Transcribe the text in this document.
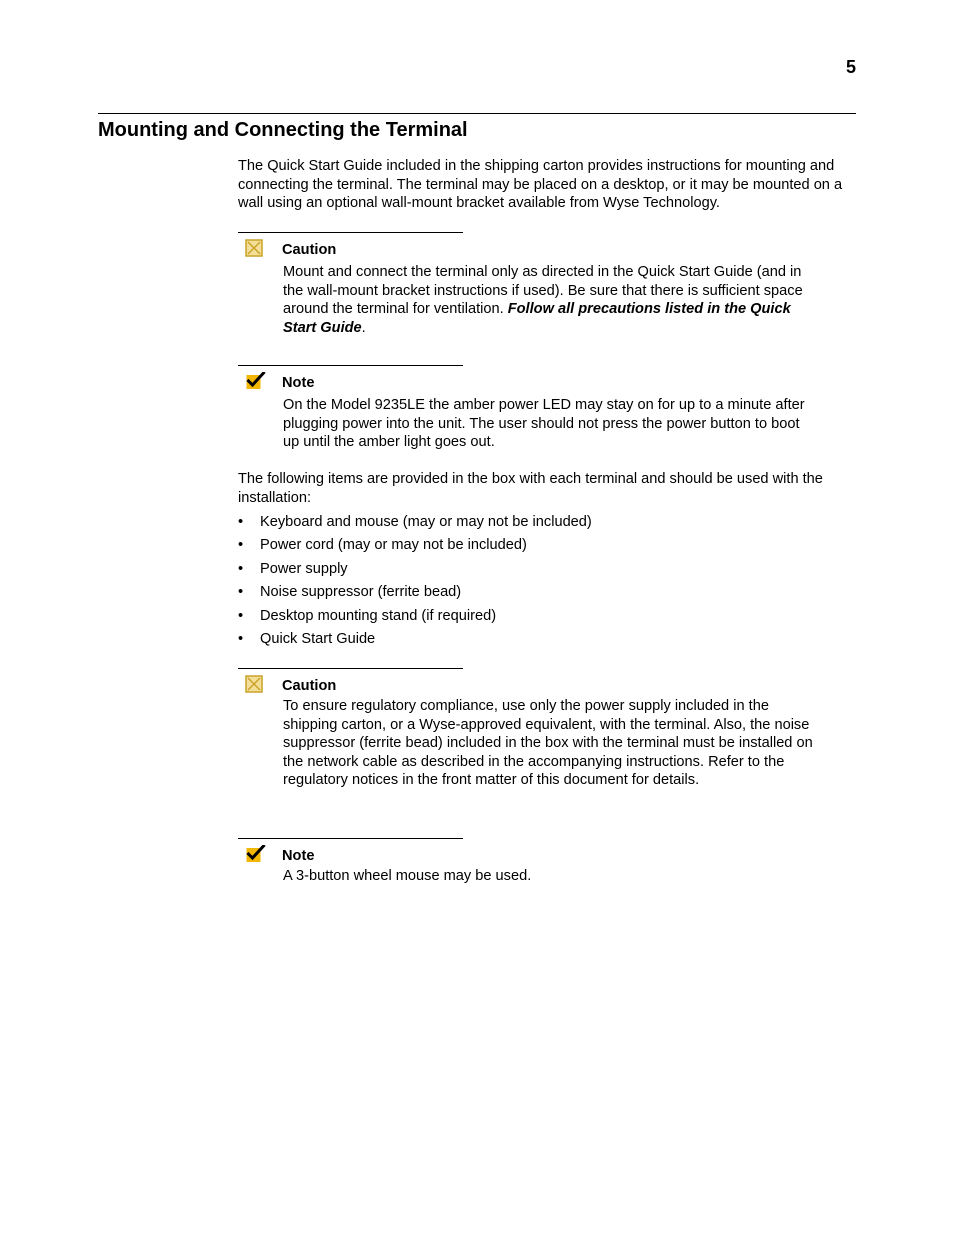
5
Mounting and Connecting the Terminal

The Quick Start Guide included in the shipping carton provides instructions for mounting and connecting the terminal. The terminal may be placed on a desktop, or it may be mounted on a wall using an optional wall-mount bracket available from Wyse Technology.

Caution

Mount and connect the terminal only as directed in the Quick Start Guide (and in the wall-mount bracket instructions if used). Be sure that there is sufficient space around the terminal for ventilation. Follow all precautions listed in the Quick Start Guide.

Note

On the Model 9235LE the amber power LED may stay on for up to a minute after plugging power into the unit. The user should not press the power button to boot up until the amber light goes out.

The following items are provided in the box with each terminal and should be used with the installation:

• Keyboard and mouse (may or may not be included)
• Power cord (may or may not be included)
• Power supply
• Noise suppressor (ferrite bead)
• Desktop mounting stand (if required)
• Quick Start Guide
Caution

To ensure regulatory compliance, use only the power supply included in the shipping carton, or a Wyse-approved equivalent, with the terminal. Also, the noise suppressor (ferrite bead) included in the box with the terminal must be installed on the network cable as described in the accompanying instructions. Refer to the regulatory notices in the front matter of this document for details.

Note

A 3-button wheel mouse may be used.
